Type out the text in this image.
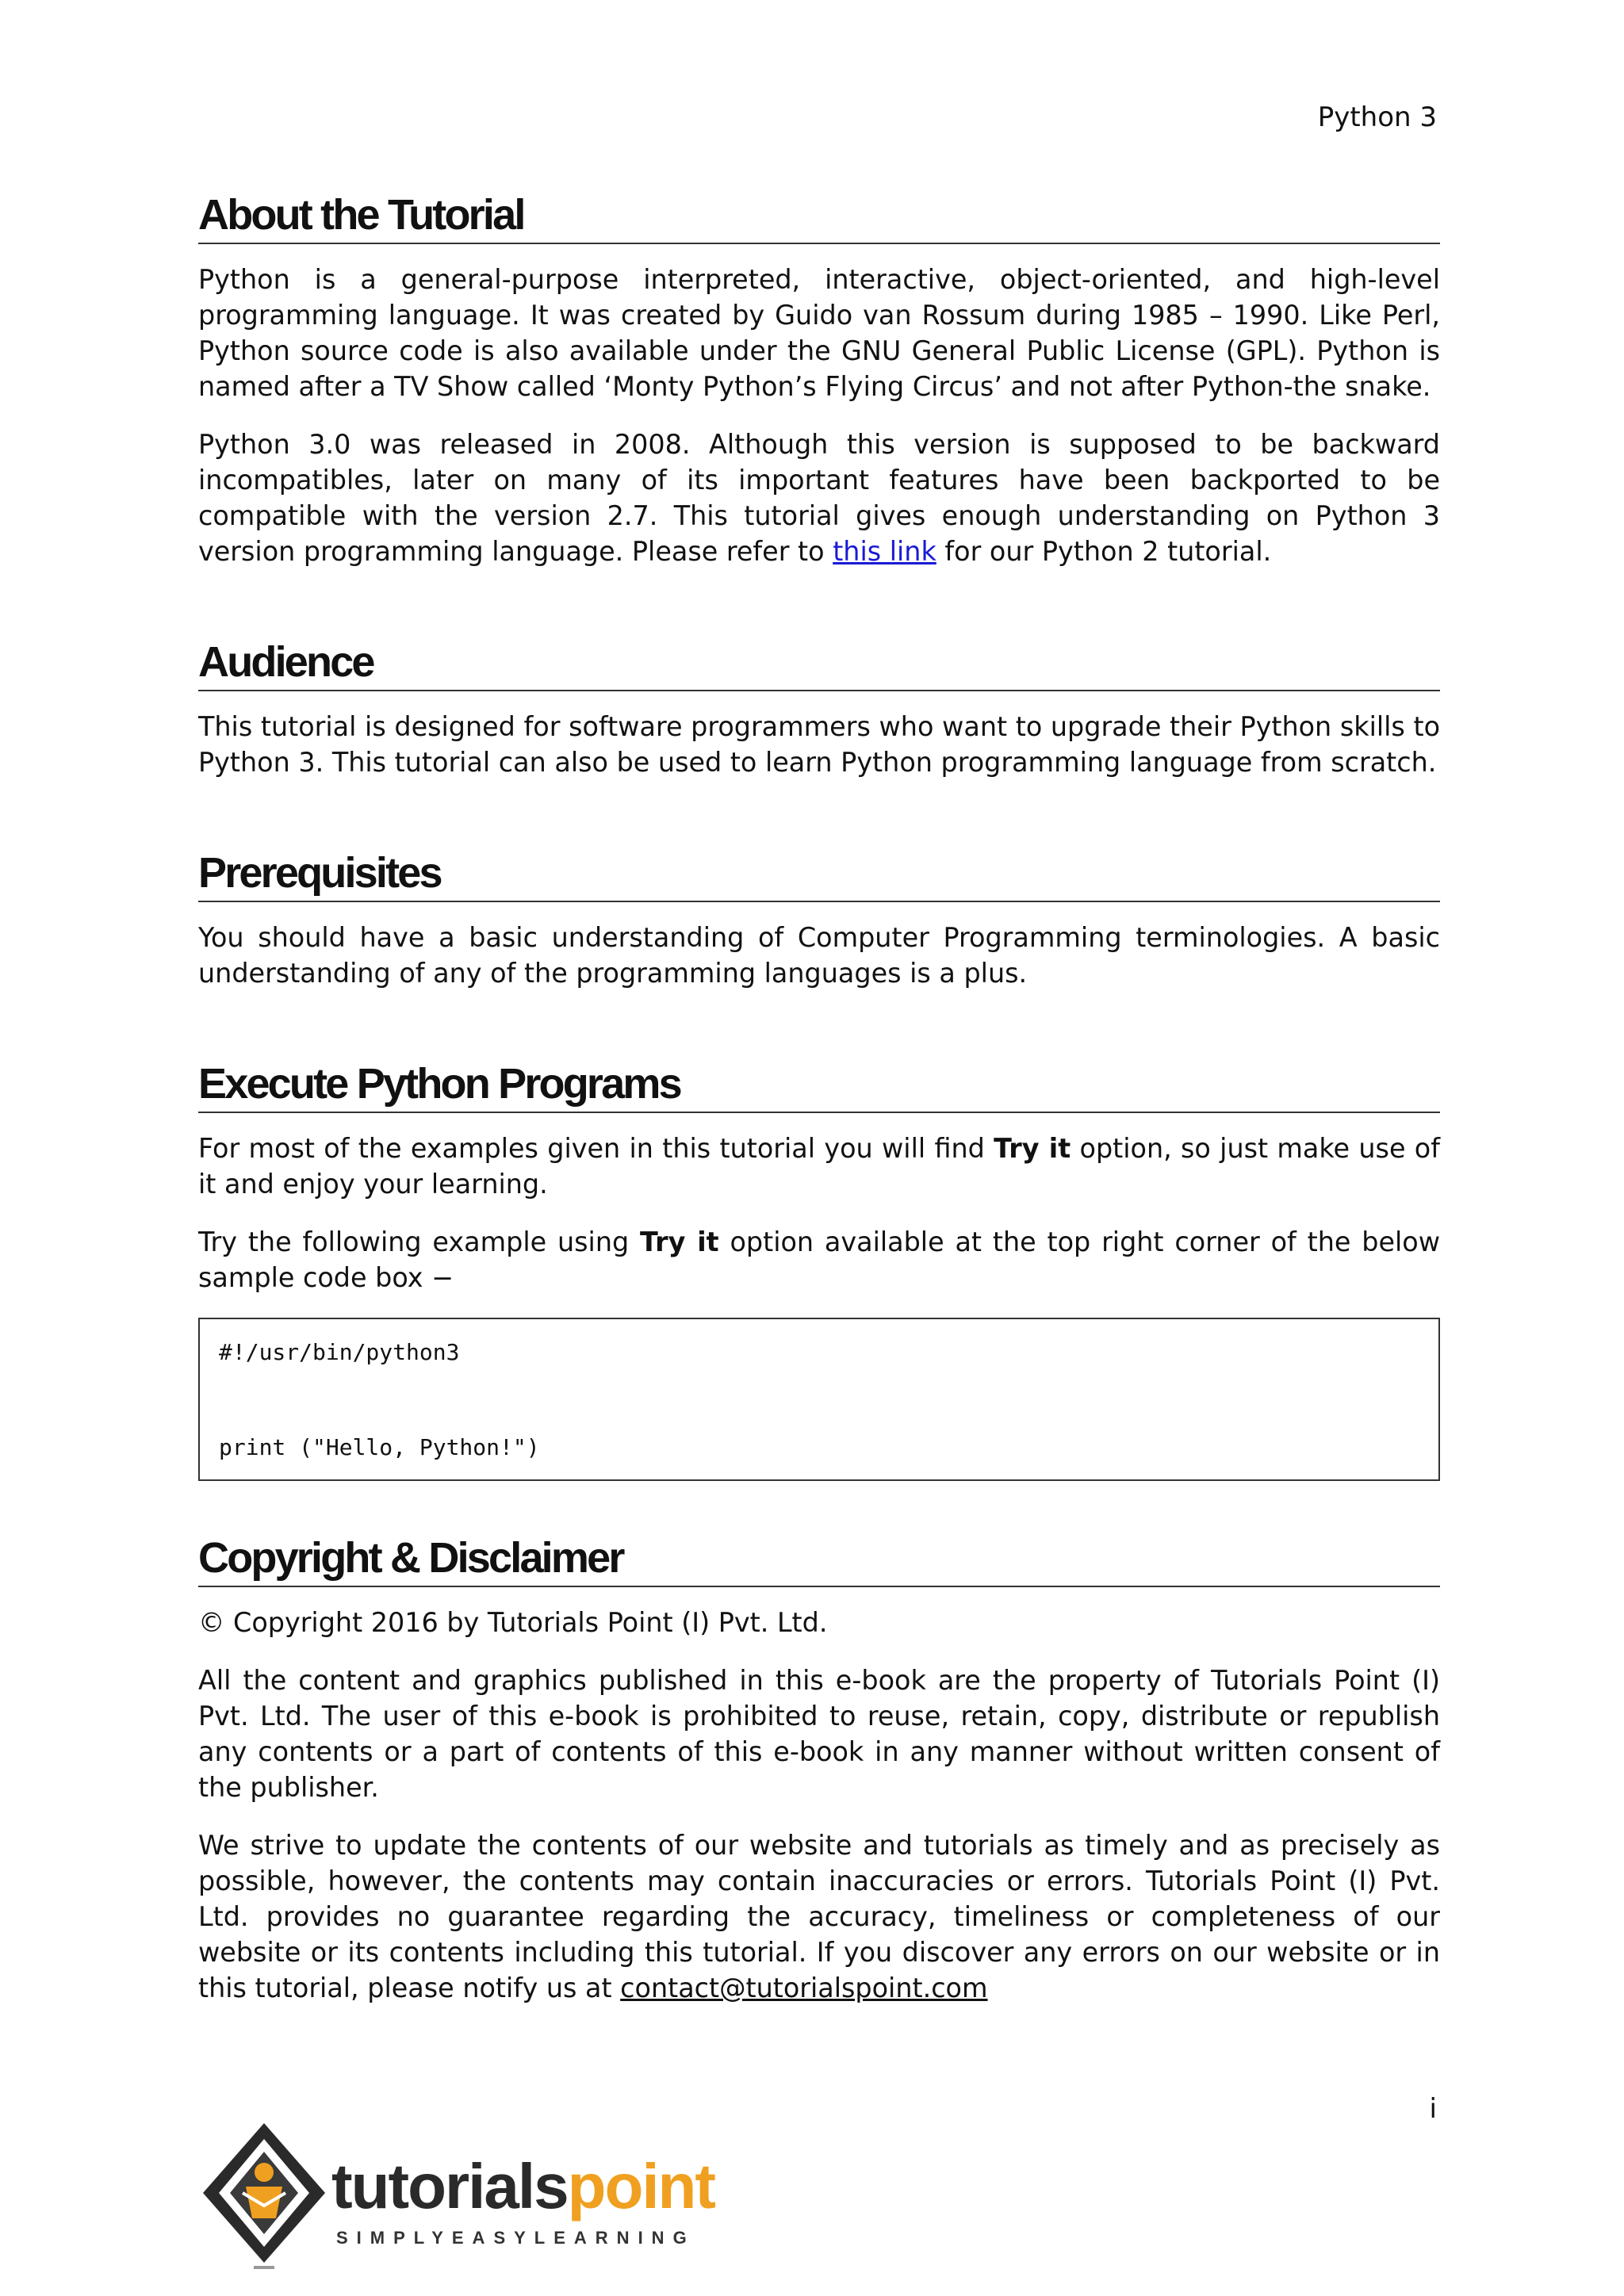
Python 3
About the Tutorial

Python is a general-purpose interpreted, interactive, object-oriented, and high-level programming language. It was created by Guido van Rossum during 1985 – 1990. Like Perl, Python source code is also available under the GNU General Public License (GPL). Python is named after a TV Show called ‘Monty Python’s Flying Circus’ and not after Python-the snake.

Python 3.0 was released in 2008. Although this version is supposed to be backward incompatibles, later on many of its important features have been backported to be compatible with the version 2.7. This tutorial gives enough understanding on Python 3 version programming language. Please refer to this link for our Python 2 tutorial.

Audience

This tutorial is designed for software programmers who want to upgrade their Python skills to Python 3. This tutorial can also be used to learn Python programming language from scratch.

Prerequisites

You should have a basic understanding of Computer Programming terminologies. A basic understanding of any of the programming languages is a plus.

Execute Python Programs

For most of the examples given in this tutorial you will find Try it option, so just make use of it and enjoy your learning.

Try the following example using Try it option available at the top right corner of the below sample code box −

#!/usr/bin/python3
print ("Hello, Python!")
Copyright & Disclaimer

© Copyright 2016 by Tutorials Point (I) Pvt. Ltd.

All the content and graphics published in this e-book are the property of Tutorials Point (I) Pvt. Ltd. The user of this e-book is prohibited to reuse, retain, copy, distribute or republish any contents or a part of contents of this e-book in any manner without written consent of the publisher.

We strive to update the contents of our website and tutorials as timely and as precisely as possible, however, the contents may contain inaccuracies or errors. Tutorials Point (I) Pvt. Ltd. provides no guarantee regarding the accuracy, timeliness or completeness of our website or its contents including this tutorial. If you discover any errors on our website or in this tutorial, please notify us at contact@tutorialspoint.com

i
tutorialspoint
SIMPLYEASYLEARNING
